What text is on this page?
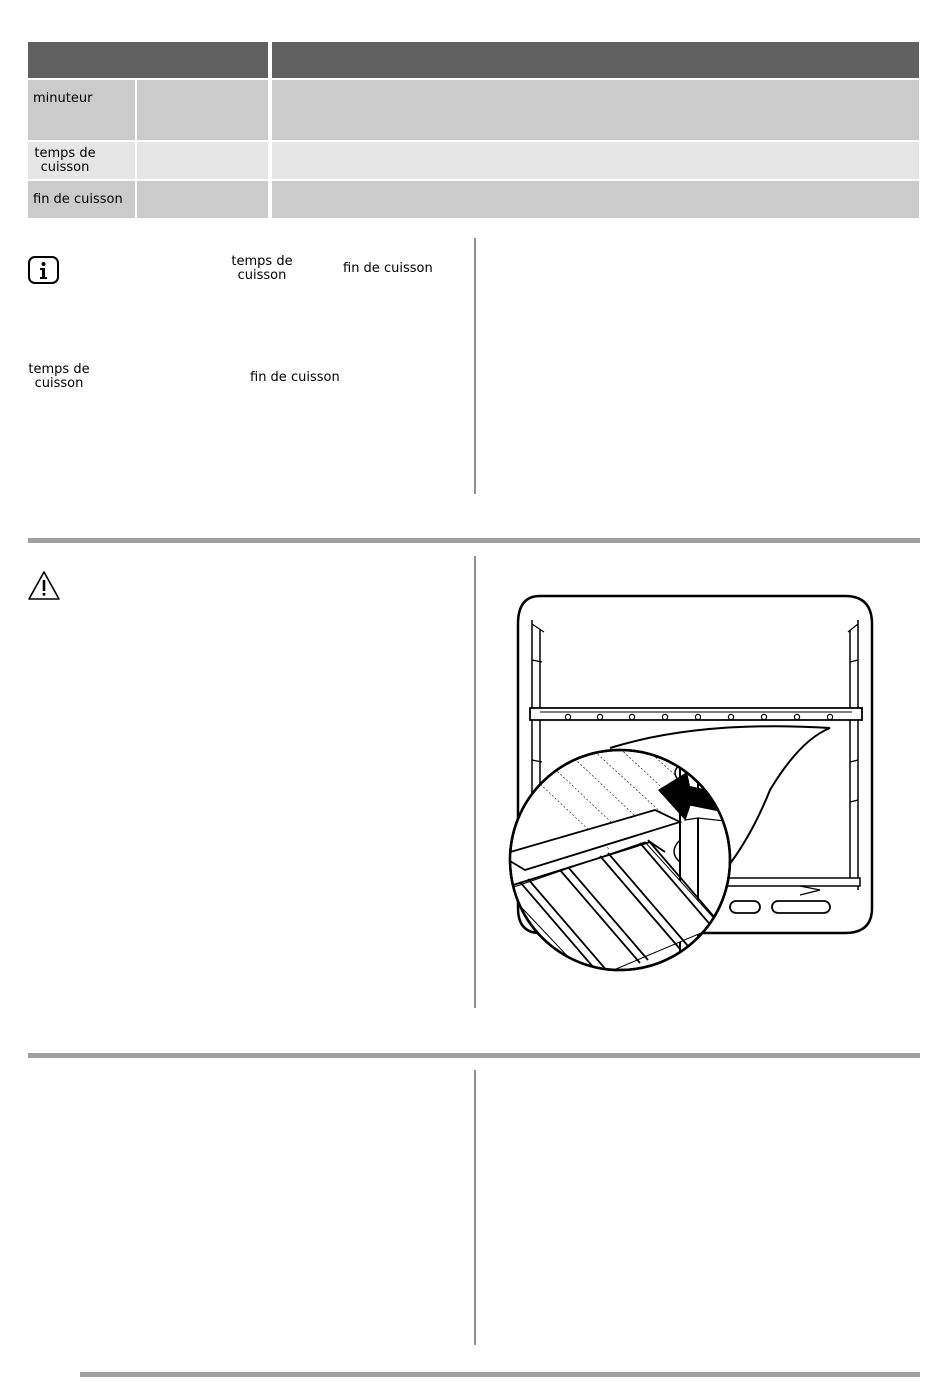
minuteur
temps de
cuisson
fin de cuisson
temps de
cuisson	fin de cuisson
temps de
cuisson	fin de cuisson
